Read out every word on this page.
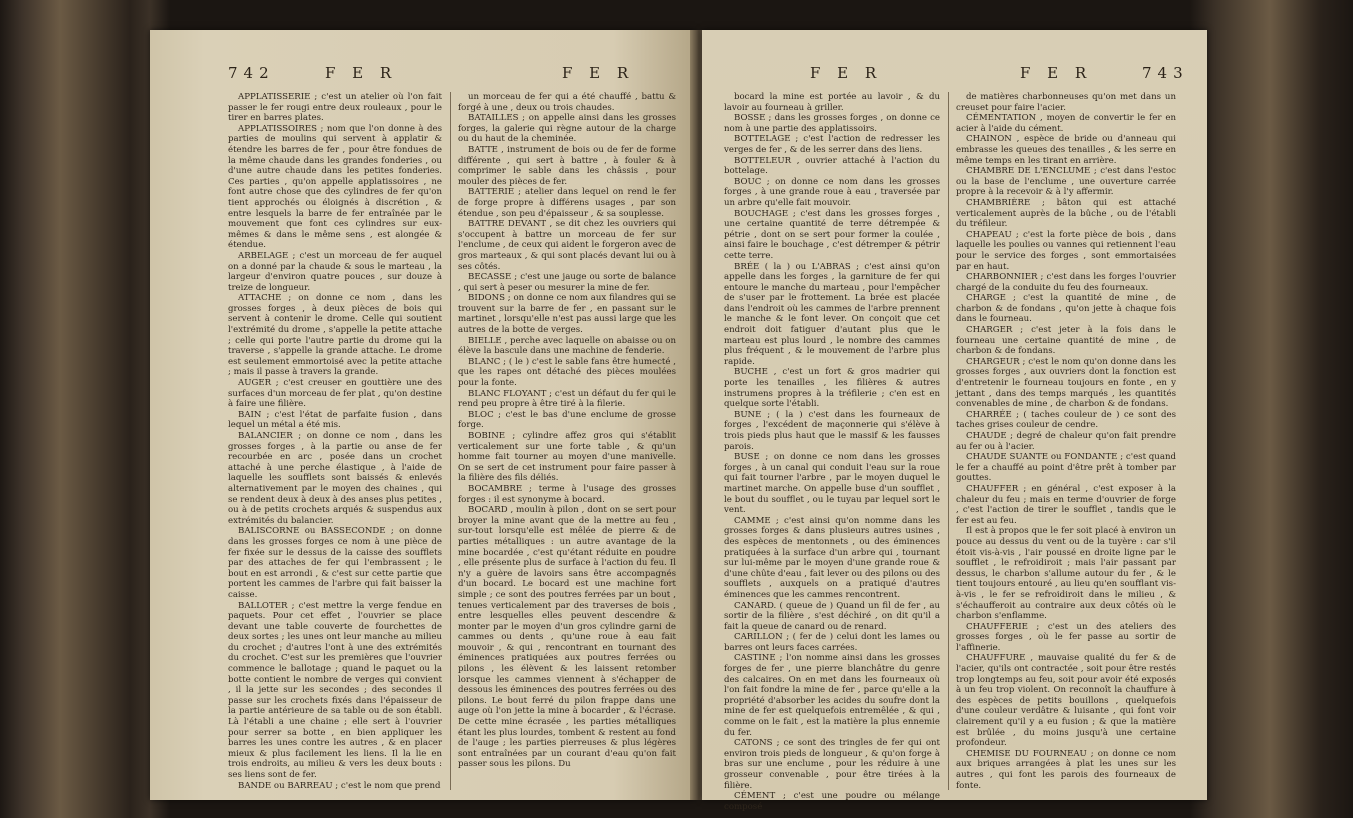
742	F E R	F E R

APPLATISSERIE ; c'est un atelier où l'on fait passer le fer rougi entre deux rouleaux , pour le tirer en barres plates.

APPLATISSOIRES ; nom que l'on donne à des parties de moulins qui servent à applatir & étendre les barres de fer , pour être fondues de la même chaude dans les grandes fonderies , ou d'une autre chaude dans les petites fonderies. Ces parties , qu'on appelle applatissoires , ne font autre chose que des cylindres de fer qu'on tient approchés ou éloignés à discrétion , & entre lesquels la barre de fer entraînée par le mouvement que font ces cylindres sur eux-mêmes & dans le même sens , est alongée & étendue.

ARBELAGE ; c'est un morceau de fer auquel on a donné par la chaude & sous le marteau , la largeur d'environ quatre pouces , sur douze à treize de longueur.

ATTACHE ; on donne ce nom , dans les grosses forges , à deux pièces de bois qui servent à contenir le drome. Celle qui soutient l'extrémité du drome , s'appelle la petite attache ; celle qui porte l'autre partie du drome qui la traverse , s'appelle la grande attache. Le drome est seulement emmortoisé avec la petite attache ; mais il passe à travers la grande.

AUGER ; c'est creuser en gouttière une des surfaces d'un morceau de fer plat , qu'on destine à faire une filière.

BAIN ; c'est l'état de parfaite fusion , dans lequel un métal a été mis.

BALANCIER ; on donne ce nom , dans les grosses forges , à la partie ou anse de fer recourbée en arc , posée dans un crochet attaché à une perche élastique , à l'aide de laquelle les soufflets sont baissés & enlevés alternativement par le moyen des chaines , qui se rendent deux à deux à des anses plus petites , ou à de petits crochets arqués & suspendus aux extrémités du balancier.

BALISCORNE ou BASSECONDE ; on donne dans les grosses forges ce nom à une pièce de fer fixée sur le dessus de la caisse des soufflets par des attaches de fer qui l'embrassent ; le bout en est arrondi , & c'est sur cette partie que portent les cammes de l'arbre qui fait baisser la caisse.

BALLOTER ; c'est mettre la verge fendue en paquets. Pour cet effet , l'ouvrier se place devant une table couverte de fourchettes de deux sortes ; les unes ont leur manche au milieu du crochet ; d'autres l'ont à une des extrémités du crochet. C'est sur les premières que l'ouvrier commence le ballotage ; quand le paquet ou la botte contient le nombre de verges qui convient , il la jette sur les secondes ; des secondes il passe sur les crochets fixés dans l'épaisseur de la partie antérieure de sa table ou de son établi. Là l'établi a une chaine ; elle sert à l'ouvrier pour serrer sa botte , en bien appliquer les barres les unes contre les autres , & en placer mieux & plus facilement les liens. Il la lie en trois endroits, au milieu & vers les deux bouts : ses liens sont de fer.

BANDE ou BARREAU ; c'est le nom que prend

un morceau de fer qui a été chauffé , battu & forgé à une , deux ou trois chaudes.

BATAILLES ; on appelle ainsi dans les grosses forges, la galerie qui règne autour de la charge ou du haut de la cheminée.

BATTE , instrument de bois ou de fer de forme différente , qui sert à battre , à fouler & à comprimer le sable dans les châssis , pour mouler des pièces de fer.

BATTERIE ; atelier dans lequel on rend le fer de forge propre à différens usages , par son étendue , son peu d'épaisseur , & sa souplesse.

BATTRE DEVANT , se dit chez les ouvriers qui s'occupent à battre un morceau de fer sur l'enclume , de ceux qui aident le forgeron avec de gros marteaux , & qui sont placés devant lui ou à ses côtés.

BECASSE ; c'est une jauge ou sorte de balance , qui sert à peser ou mesurer la mine de fer.

BIDONS ; on donne ce nom aux filandres qui se trouvent sur la barre de fer , en passant sur le martinet , lorsqu'elle n'est pas aussi large que les autres de la botte de verges.

BIELLE , perche avec laquelle on abaisse ou on élève la bascule dans une machine de fenderie.

BLANC ; ( le ) c'est le sable fans être humecté , que les rapes ont détaché des pièces moulées pour la fonte.

BLANC FLOYANT ; c'est un défaut du fer qui le rend peu propre à être tiré à la filerie.

BLOC ; c'est le bas d'une enclume de grosse forge.

BOBINE ; cylindre affez gros qui s'établit verticalement sur une forte table , & qu'un homme fait tourner au moyen d'une manivelle. On se sert de cet instrument pour faire passer à la filière des fils déliés.

BOCAMBRE ; terme à l'usage des grosses forges : il est synonyme à bocard.

BOCARD , moulin à pilon , dont on se sert pour broyer la mine avant que de la mettre au feu , sur-tout lorsqu'elle est mêlée de pierre & de parties métalliques : un autre avantage de la mine bocardée , c'est qu'étant réduite en poudre , elle présente plus de surface à l'action du feu. Il n'y a guère de lavoirs sans être accompagnés d'un bocard. Le bocard est une machine fort simple ; ce sont des poutres ferrées par un bout , tenues verticalement par des traverses de bois , entre lesquelles elles peuvent descendre & monter par le moyen d'un gros cylindre garni de cammes ou dents , qu'une roue à eau fait mouvoir , & qui , rencontrant en tournant des éminences pratiquées aux poutres ferrées ou pilons , les élèvent & les laissent retomber lorsque les cammes viennent à s'échapper de dessous les éminences des poutres ferrées ou des pilons. Le bout ferré du pilon frappe dans une auge où l'on jette la mine à bocarder , & l'écrase. De cette mine écrasée , les parties métalliques étant les plus lourdes, tombent & restent au fond de l'auge ; les parties pierreuses & plus légères sont entraînées par un courant d'eau qu'on fait passer sous les pilons. Du

F E R	F E R	743

bocard la mine est portée au lavoir , & du lavoir au fourneau à griller.

BOSSE ; dans les grosses forges , on donne ce nom à une partie des applatissoirs.

BOTTELAGE ; c'est l'action de redresser les verges de fer , & de les serrer dans des liens.

BOTTELEUR , ouvrier attaché à l'action du bottelage.

BOUC ; on donne ce nom dans les grosses forges , à une grande roue à eau , traversée par un arbre qu'elle fait mouvoir.

BOUCHAGE ; c'est dans les grosses forges , une certaine quantité de terre détrempée & pétrie , dont on se sert pour former la coulée , ainsi faire le bouchage , c'est détremper & pétrir cette terre.

BRÉE ( la ) ou L'ABRAS ; c'est ainsi qu'on appelle dans les forges , la garniture de fer qui entoure le manche du marteau , pour l'empêcher de s'user par le frottement. La brée est placée dans l'endroit où les cammes de l'arbre prennent le manche & le font lever. On conçoit que cet endroit doit fatiguer d'autant plus que le marteau est plus lourd , le nombre des cammes plus fréquent , & le mouvement de l'arbre plus rapide.

BUCHE , c'est un fort & gros madrier qui porte les tenailles , les filières & autres instrumens propres à la tréfilerie ; c'en est en quelque sorte l'établi.

BUNE ; ( la ) c'est dans les fourneaux de forges , l'excédent de maçonnerie qui s'élève à trois pieds plus haut que le massif & les fausses parois.

BUSE ; on donne ce nom dans les grosses forges , à un canal qui conduit l'eau sur la roue qui fait tourner l'arbre , par le moyen duquel le martinet marche. On appelle buse d'un soufflet , le bout du soufflet , ou le tuyau par lequel sort le vent.

CAMME ; c'est ainsi qu'on nomme dans les grosses forges & dans plusieurs autres usines , des espèces de mentonnets , ou des éminences pratiquées à la surface d'un arbre qui , tournant sur lui-même par le moyen d'une grande roue & d'une chûte d'eau , fait lever ou des pilons ou des soufflets , auxquels on a pratiqué d'autres éminences que les cammes rencontrent.

CANARD. ( queue de ) Quand un fil de fer , au sortir de la filière , s'est déchiré , on dit qu'il a fait la queue de canard ou de renard.

CARILLON ; ( fer de ) celui dont les lames ou barres ont leurs faces carrées.

CASTINE ; l'on nomme ainsi dans les grosses forges de fer , une pierre blanchâtre du genre des calcaires. On en met dans les fourneaux où l'on fait fondre la mine de fer , parce qu'elle a la propriété d'absorber les acides du soufre dont la mine de fer est quelquefois entremêlée , & qui , comme on le fait , est la matière la plus ennemie du fer.

CATONS ; ce sont des tringles de fer qui ont environ trois pieds de longueur , & qu'on forge à bras sur une enclume , pour les réduire à une grosseur convenable , pour être tirées à la filière.

CÉMENT ; c'est une poudre ou mélange composé

de matières charbonneuses qu'on met dans un creuset pour faire l'acier.

CÉMENTATION , moyen de convertir le fer en acier à l'aide du cément.

CHAINON , espèce de bride ou d'anneau qui embrasse les queues des tenailles , & les serre en même temps en les tirant en arrière.

CHAMBRE DE L'ENCLUME ; c'est dans l'estoc ou la base de l'enclume , une ouverture carrée propre à la recevoir & à l'y affermir.

CHAMBRIÈRE ; bâton qui est attaché verticalement auprès de la bûche , ou de l'établi du tréfileur.

CHAPEAU ; c'est la forte pièce de bois , dans laquelle les poulies ou vannes qui retiennent l'eau pour le service des forges , sont emmortaisées par en haut.

CHARBONNIER ; c'est dans les forges l'ouvrier chargé de la conduite du feu des fourneaux.

CHARGE ; c'est la quantité de mine , de charbon & de fondans , qu'on jette à chaque fois dans le fourneau.

CHARGER ; c'est jeter à la fois dans le fourneau une certaine quantité de mine , de charbon & de fondans.

CHARGEUR ; c'est le nom qu'on donne dans les grosses forges , aux ouvriers dont la fonction est d'entretenir le fourneau toujours en fonte , en y jettant , dans des temps marqués , les quantités convenables de mine , de charbon & de fondans.

CHARRÉE ; ( taches couleur de ) ce sont des taches grises couleur de cendre.

CHAUDE ; degré de chaleur qu'on fait prendre au fer ou à l'acier.

CHAUDE SUANTE ou FONDANTE ; c'est quand le fer a chauffé au point d'être prêt à tomber par gouttes.

CHAUFFER ; en général , c'est exposer à la chaleur du feu ; mais en terme d'ouvrier de forge , c'est l'action de tirer le soufflet , tandis que le fer est au feu.

Il est à propos que le fer soit placé à environ un pouce au dessus du vent ou de la tuyère : car s'il étoit vis-à-vis , l'air poussé en droite ligne par le soufflet , le refroidiroit ; mais l'air passant par dessus, le charbon s'allume autour du fer , & le tient toujours entouré , au lieu qu'en soufflant vis-à-vis , le fer se refroidiroit dans le milieu , & s'échaufferoit au contraire aux deux côtés où le charbon s'enflamme.

CHAUFFERIE ; c'est un des ateliers des grosses forges , où le fer passe au sortir de l'affinerie.

CHAUFFURE , mauvaise qualité du fer & de l'acier, qu'ils ont contractée , soit pour être restés trop longtemps au feu, soit pour avoir été exposés à un feu trop violent. On reconnoît la chauffure à des espèces de petits bouillons , quelquefois d'une couleur verdâtre & luisante , qui font voir clairement qu'il y a eu fusion ; & que la matière est brûlée , du moins jusqu'à une certaine profondeur.

CHEMISE DU FOURNEAU ; on donne ce nom aux briques arrangées à plat les unes sur les autres , qui font les parois des fourneaux de fonte.
